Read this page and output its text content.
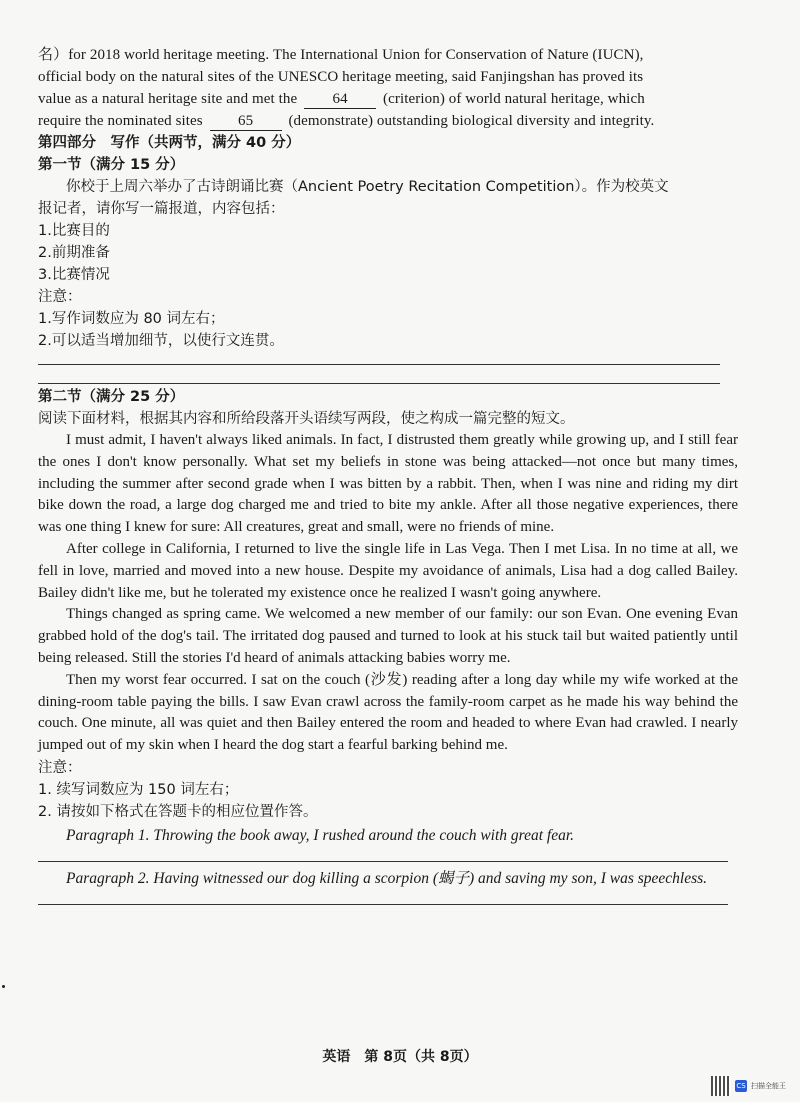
名）for 2018 world heritage meeting. The International Union for Conservation of Nature (IUCN),
official body on the natural sites of the UNESCO heritage meeting, said Fanjingshan has proved its
value as a natural heritage site and met the 64 (criterion) of world natural heritage, which
require the nominated sites 65 (demonstrate) outstanding biological diversity and integrity.
第四部分　写作（共两节，满分 40 分）
第一节（满分 15 分）
你校于上周六举办了古诗朗诵比赛（Ancient Poetry Recitation Competition）。作为校英文
报记者，请你写一篇报道，内容包括：
1.比赛目的
2.前期准备
3.比赛情况
注意：
1.写作词数应为 80 词左右；
2.可以适当增加细节，以使行文连贯。
第二节（满分 25 分）
阅读下面材料，根据其内容和所给段落开头语续写两段，使之构成一篇完整的短文。

I must admit, I haven't always liked animals. In fact, I distrusted them greatly while growing up, and I still fear the ones I don't know personally. What set my beliefs in stone was being attacked—not once but many times, including the summer after second grade when I was bitten by a rabbit. Then, when I was nine and riding my dirt bike down the road, a large dog charged me and tried to bite my ankle. After all those negative experiences, there was one thing I knew for sure: All creatures, great and small, were no friends of mine.

After college in California, I returned to live the single life in Las Vega. Then I met Lisa. In no time at all, we fell in love, married and moved into a new house. Despite my avoidance of animals, Lisa had a dog called Bailey. Bailey didn't like me, but he tolerated my existence once he realized I wasn't going anywhere.

Things changed as spring came. We welcomed a new member of our family: our son Evan. One evening Evan grabbed hold of the dog's tail. The irritated dog paused and turned to look at his stuck tail but waited patiently until being released. Still the stories I'd heard of animals attacking babies worry me.

Then my worst fear occurred. I sat on the couch (沙发) reading after a long day while my wife worked at the dining-room table paying the bills. I saw Evan crawl across the family-room carpet as he made his way behind the couch. One minute, all was quiet and then Bailey entered the room and headed to where Evan had crawled. I nearly jumped out of my skin when I heard the dog start a fearful barking behind me.

注意：
1. 续写词数应为 150 词左右；
2. 请按如下格式在答题卡的相应位置作答。
Paragraph 1. Throwing the book away, I rushed around the couch with great fear.
Paragraph 2. Having witnessed our dog killing a scorpion (蝎子) and saving my son, I was speechless.
英语　第 8页（共 8页）
CS 扫描全能王
